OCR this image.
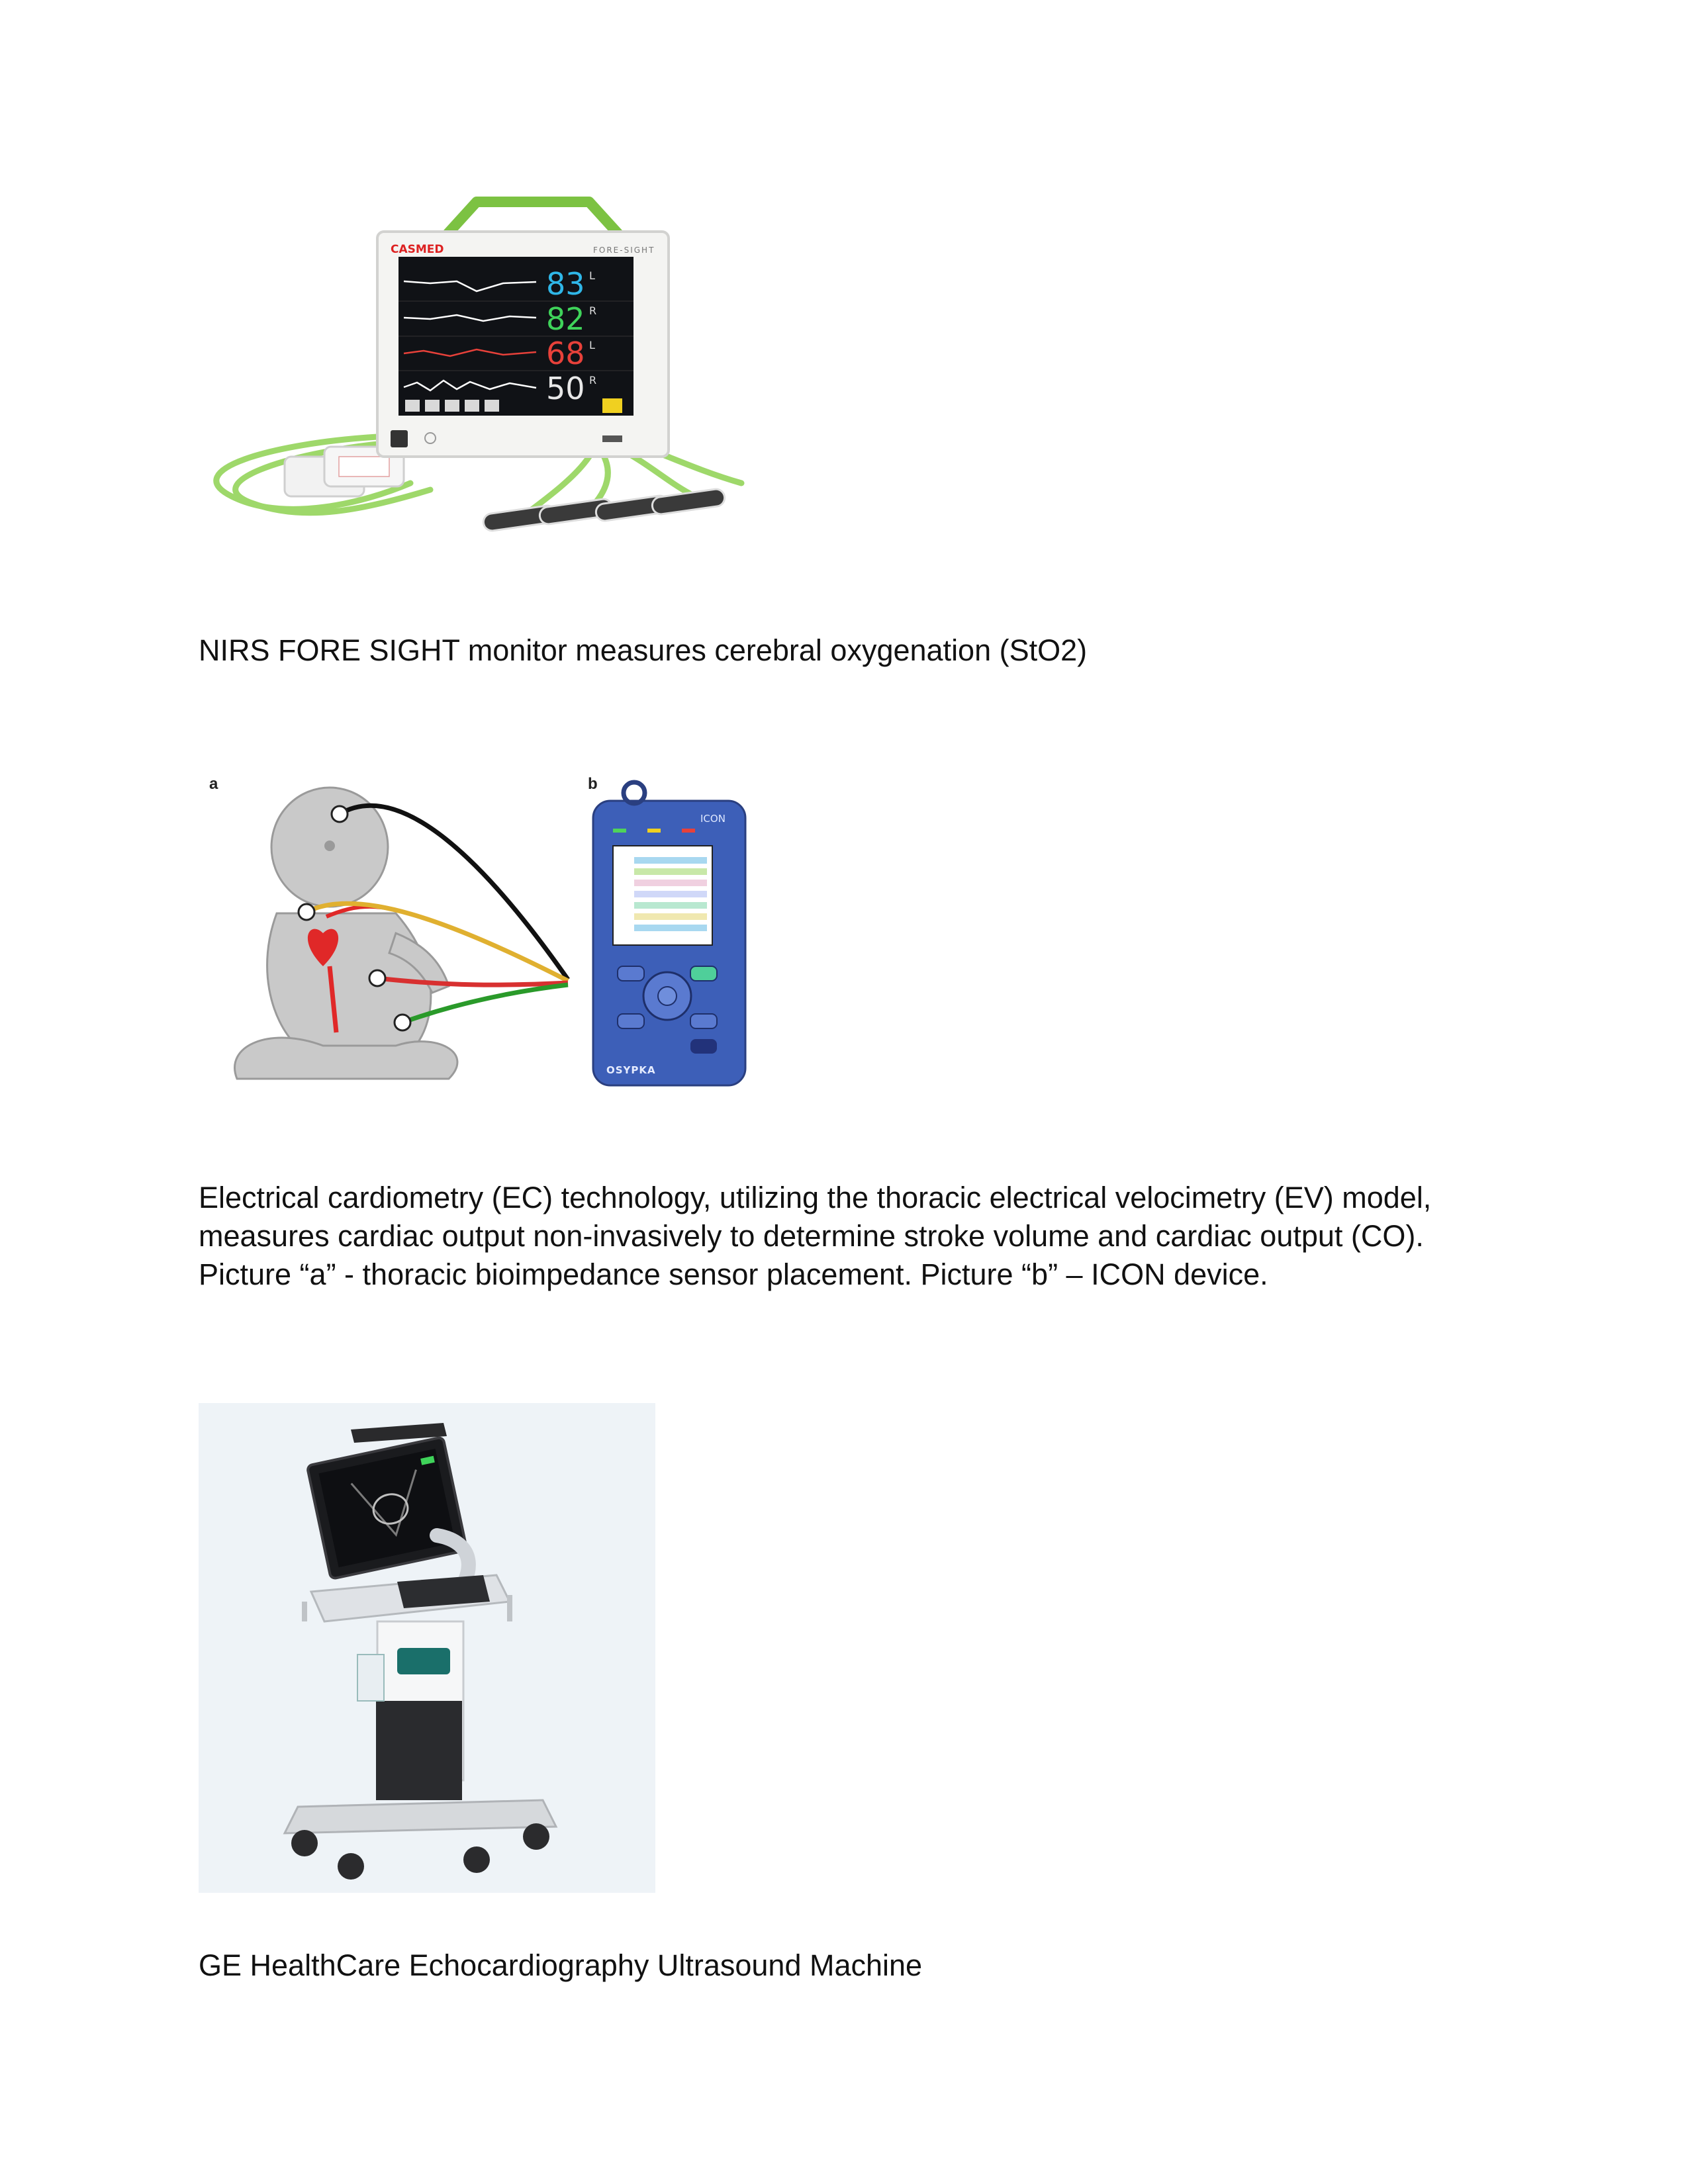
CASMED	FORE-SIGHT
83
82
68
50
L
R
L
R
NIRS FORE SIGHT monitor measures cerebral oxygenation (StO2)
a	b
ICON
OSYPKA
Electrical cardiometry (EC) technology, utilizing the thoracic electrical velocimetry (EV) model,
measures cardiac output non-invasively to determine stroke volume and cardiac output (CO).
Picture “a” - thoracic bioimpedance sensor placement. Picture “b” – ICON device.
GE HealthCare Echocardiography Ultrasound Machine
